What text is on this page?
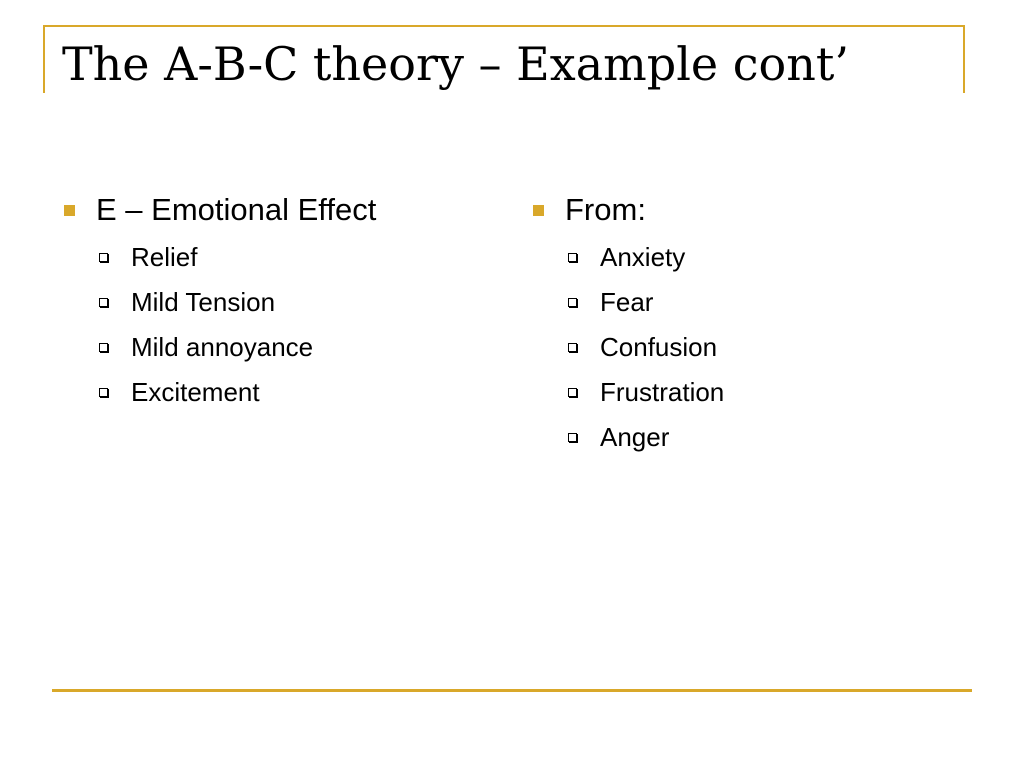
The A-B-C theory – Example cont’
E – Emotional Effect
Relief
Mild Tension
Mild annoyance
Excitement
From:
Anxiety
Fear
Confusion
Frustration
Anger
